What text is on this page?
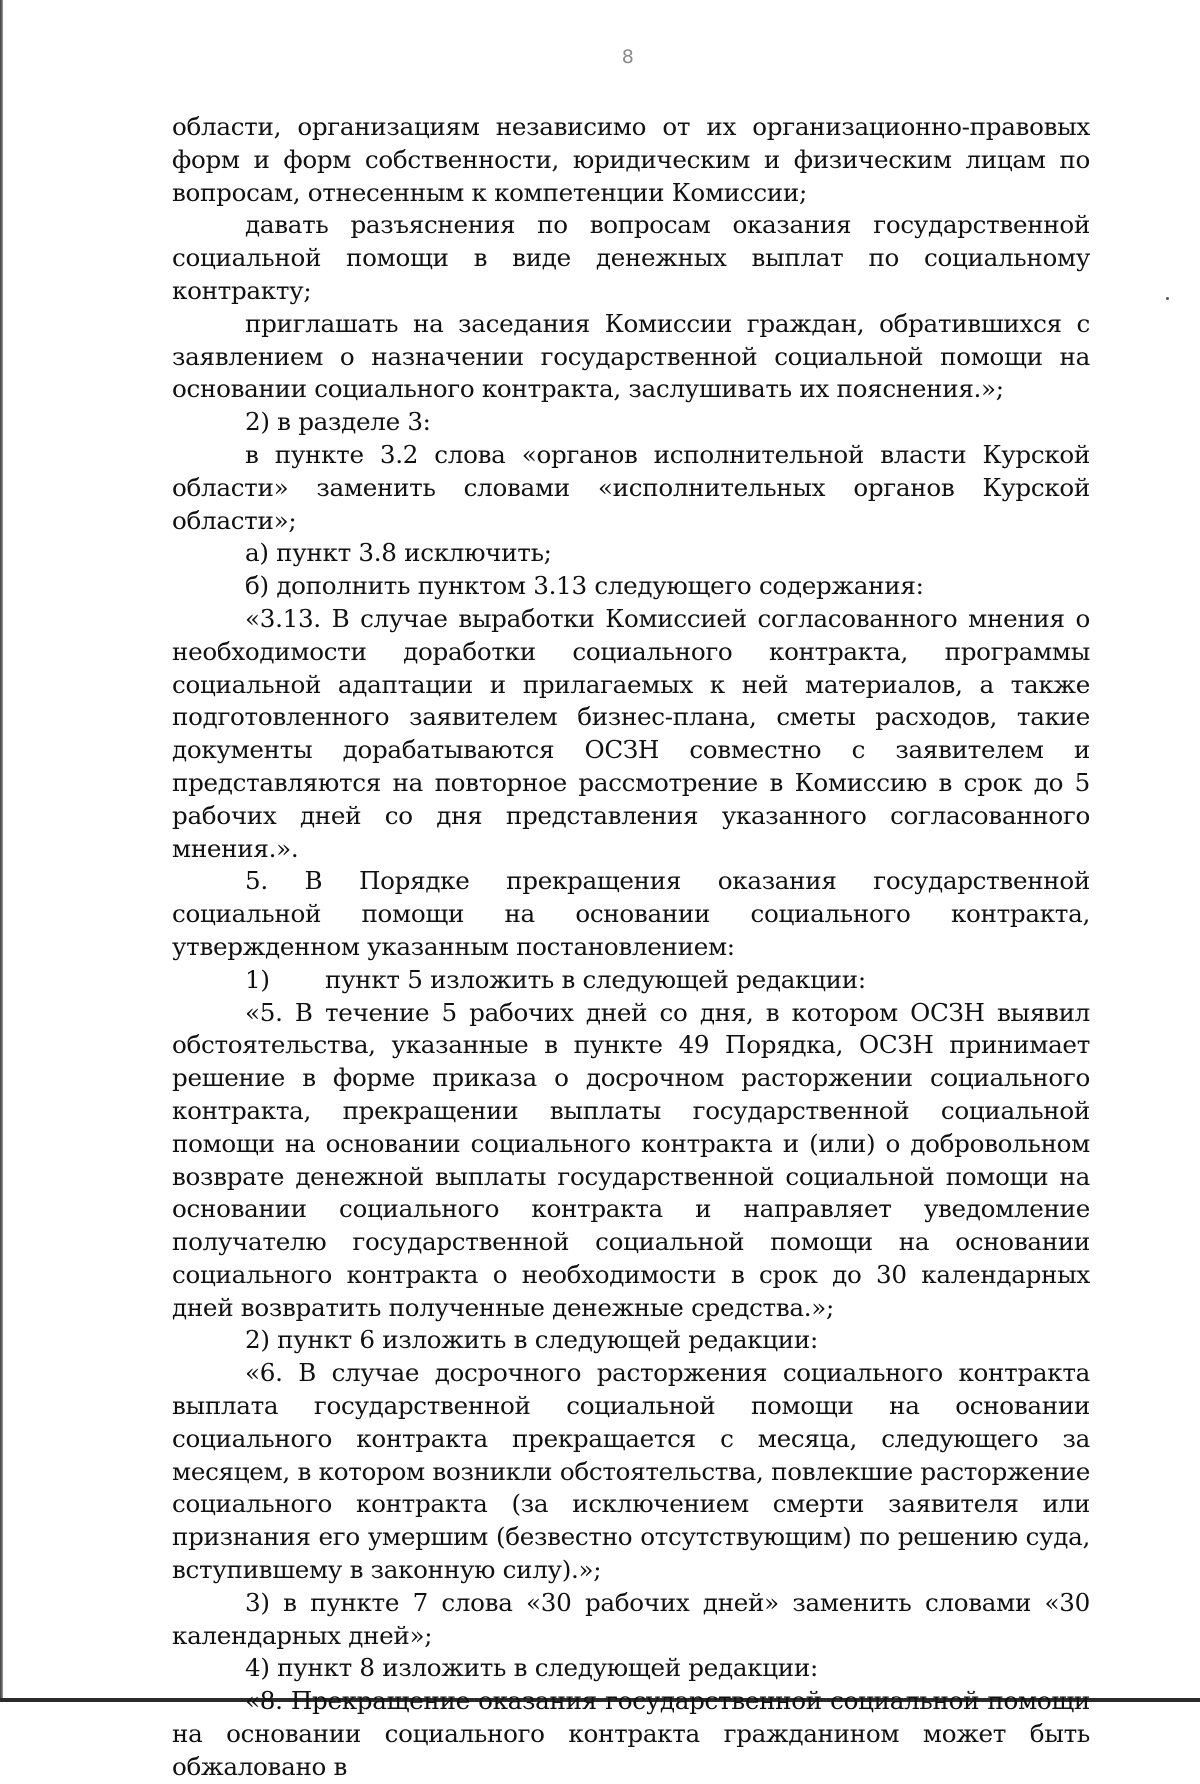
8

области, организациям независимо от их организационно-правовых форм и форм собственности, юридическим и физическим лицам по вопросам, отнесенным к компетенции Комиссии;

давать разъяснения по вопросам оказания государственной социальной помощи в виде денежных выплат по социальному контракту;

приглашать на заседания Комиссии граждан, обратившихся с заявлением о назначении государственной социальной помощи на основании социального контракта, заслушивать их пояснения.»;

2) в разделе 3:

в пункте 3.2 слова «органов исполнительной власти Курской области» заменить словами «исполнительных органов Курской области»;

а) пункт 3.8 исключить;

б) дополнить пунктом 3.13 следующего содержания:

«3.13. В случае выработки Комиссией согласованного мнения о необходимости доработки социального контракта, программы социальной адаптации и прилагаемых к ней материалов, а также подготовленного заявителем бизнес-плана, сметы расходов, такие документы дорабатываются ОСЗН совместно с заявителем и представляются на повторное рассмотрение в Комиссию в срок до 5 рабочих дней со дня представления указанного согласованного мнения.».

5. В Порядке прекращения оказания государственной социальной помощи на основании социального контракта, утвержденном указанным постановлением:

1) пункт 5 изложить в следующей редакции:

«5. В течение 5 рабочих дней со дня, в котором ОСЗН выявил обстоятельства, указанные в пункте 49 Порядка, ОСЗН принимает решение в форме приказа о досрочном расторжении социального контракта, прекращении выплаты государственной социальной помощи на основании социального контракта и (или) о добровольном возврате денежной выплаты государственной социальной помощи на основании социального контракта и направляет уведомление получателю государственной социальной помощи на основании социального контракта о необходимости в срок до 30 календарных дней возвратить полученные денежные средства.»;

2) пункт 6 изложить в следующей редакции:

«6. В случае досрочного расторжения социального контракта выплата государственной социальной помощи на основании социального контракта прекращается с месяца, следующего за месяцем, в котором возникли обстоятельства, повлекшие расторжение социального контракта (за исключением смерти заявителя или признания его умершим (безвестно отсутствующим) по решению суда, вступившему в законную силу).»;

3) в пункте 7 слова «30 рабочих дней» заменить словами «30 календарных дней»;

4) пункт 8 изложить в следующей редакции:

«8. Прекращение оказания государственной социальной помощи на основании социального контракта гражданином может быть обжаловано в
